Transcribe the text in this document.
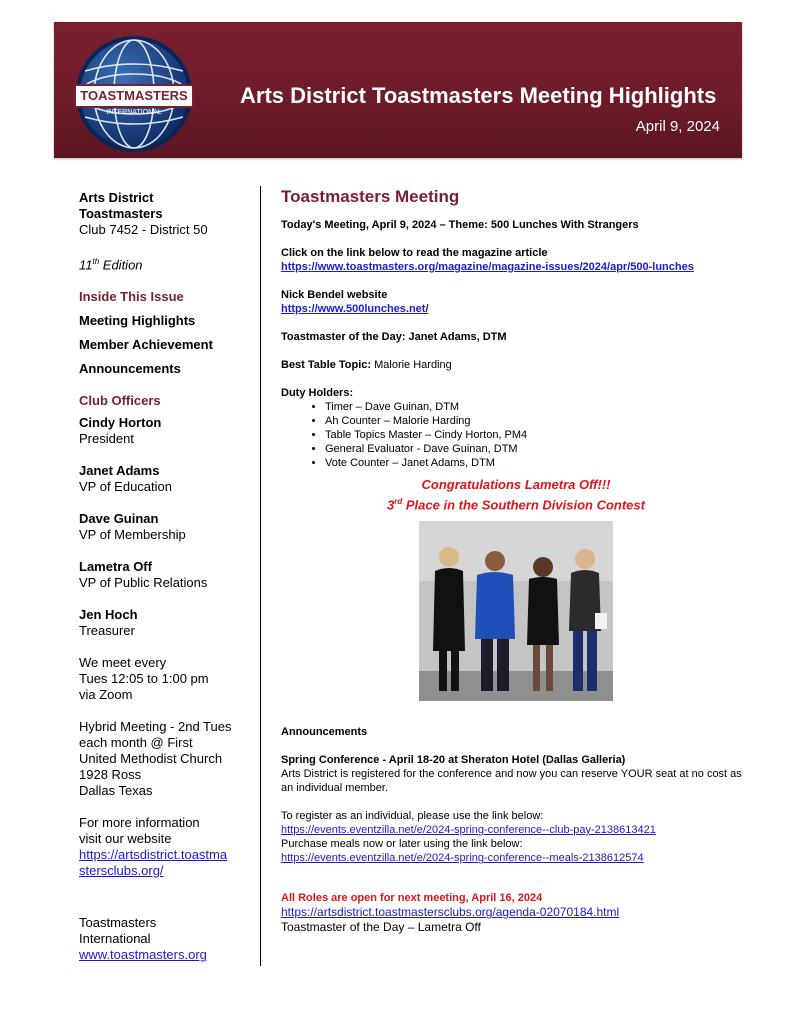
Arts District Toastmasters Meeting Highlights
April 9, 2024
TOASTMASTERS
INTERNATIONAL
Arts District
Toastmasters
Club 7452 - District 50
11th Edition
Inside This Issue
Meeting Highlights
Member Achievement
Announcements
Club Officers
Cindy Horton
President
Janet Adams
VP of Education
Dave Guinan
VP of Membership
Lametra Off
VP of Public Relations
Jen Hoch
Treasurer
We meet every
Tues 12:05 to 1:00 pm
via Zoom
Hybrid Meeting - 2nd Tues
each month @ First
United Methodist Church
1928 Ross
Dallas Texas
For more information
visit our website
https://artsdistrict.toastma
stersclubs.org/
Toastmasters
International
www.toastmasters.org
Toastmasters Meeting

Today's Meeting, April 9, 2024 – Theme: 500 Lunches With Strangers

Click on the link below to read the magazine article

https://www.toastmasters.org/magazine/magazine-issues/2024/apr/500-lunches

Nick Bendel website

https://www.500lunches.net/

Toastmaster of the Day: Janet Adams, DTM

Best Table Topic: Malorie Harding

Duty Holders:

• Timer – Dave Guinan, DTM
• Ah Counter – Malorie Harding
• Table Topics Master – Cindy Horton, PM4
• General Evaluator - Dave Guinan, DTM
• Vote Counter – Janet Adams, DTM
Congratulations Lametra Off!!!
3rd Place in the Southern Division Contest

Announcements

Spring Conference - April 18-20 at Sheraton Hotel (Dallas Galleria)

Arts District is registered for the conference and now you can reserve YOUR seat at no cost as an individual member.

To register as an individual, please use the link below:

https://events.eventzilla.net/e/2024-spring-conference--club-pay-2138613421

Purchase meals now or later using the link below:

https://events.eventzilla.net/e/2024-spring-conference--meals-2138612574

All Roles are open for next meeting, April 16, 2024

https://artsdistrict.toastmastersclubs.org/agenda-02070184.html

Toastmaster of the Day – Lametra Off
